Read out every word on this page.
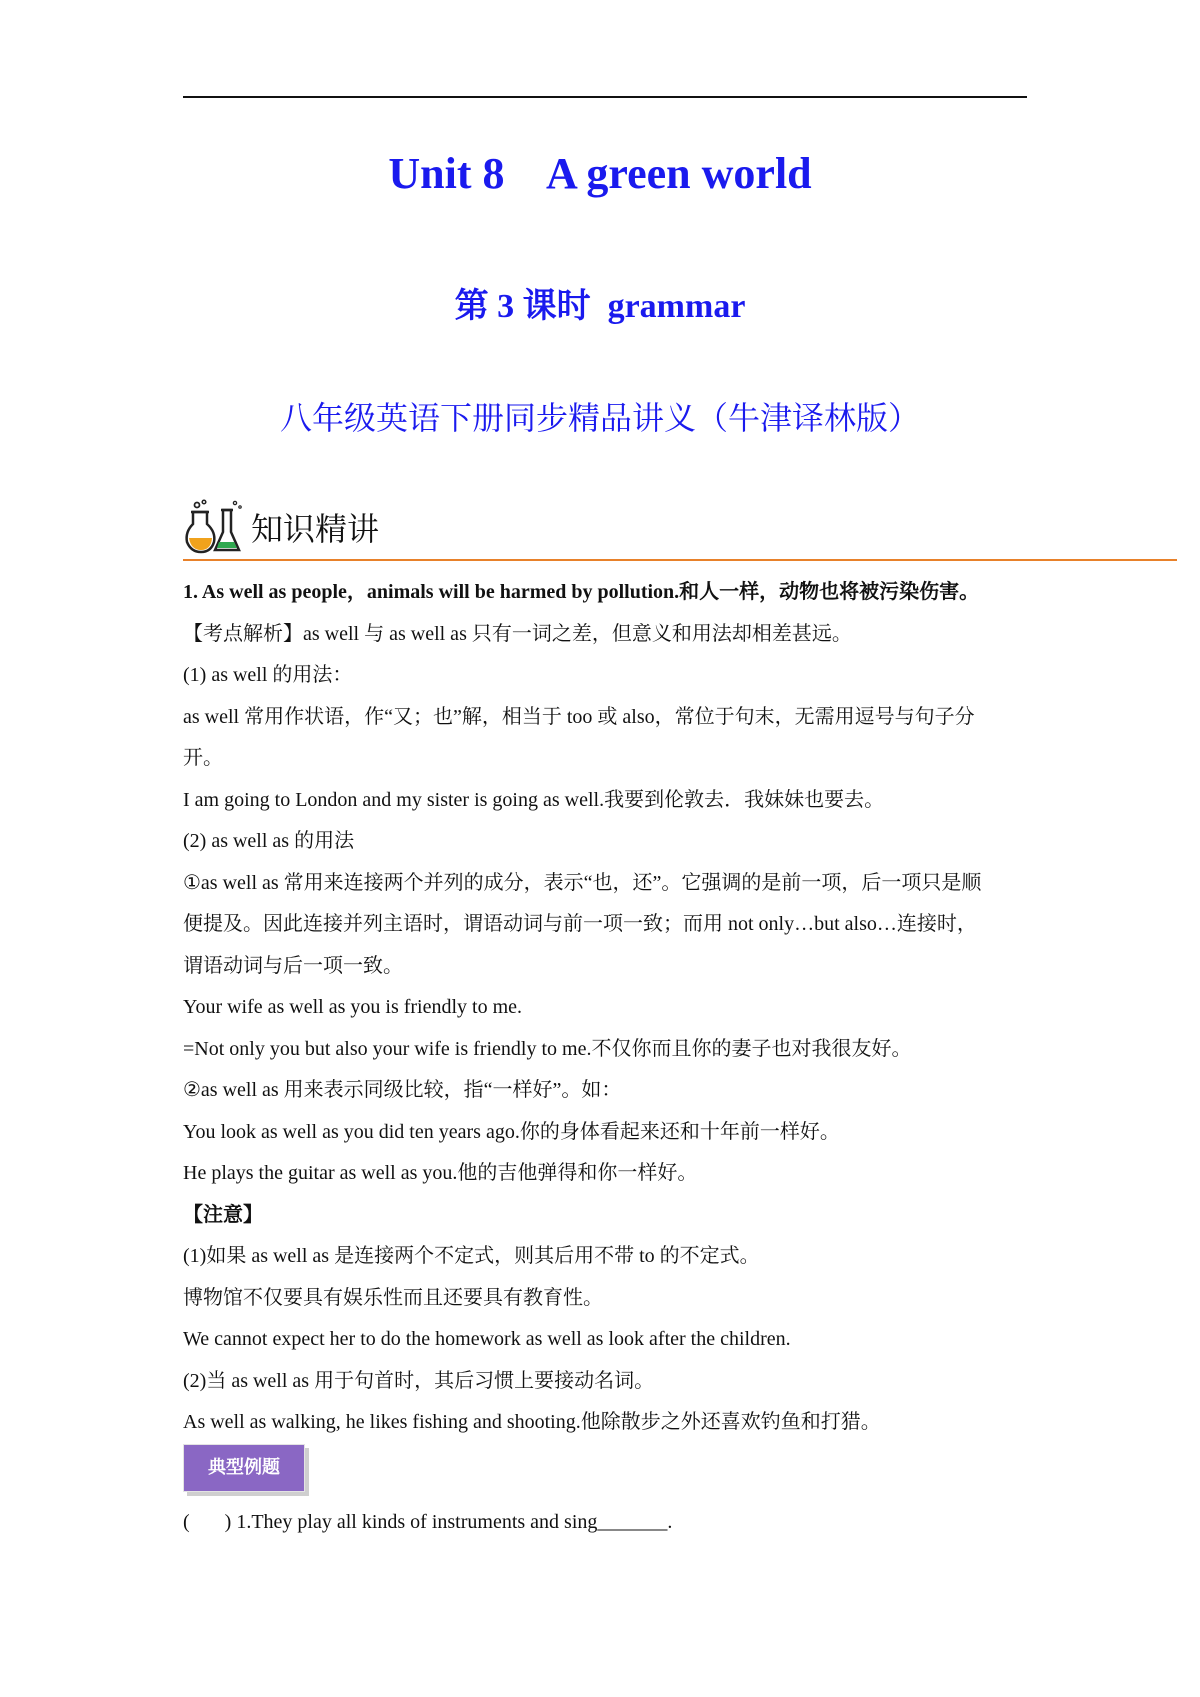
Unit 8    A green world
第 3 课时  grammar
八年级英语下册同步精品讲义（牛津译林版）
知识精讲
1. As well as people，animals will be harmed by pollution.和人一样，动物也将被污染伤害。
【考点解析】as well 与 as well as 只有一词之差，但意义和用法却相差甚远。
(1) as well 的用法：
as well 常用作状语，作“又；也”解，相当于 too 或 also，常位于句末，无需用逗号与句子分
开。
I am going to London and my sister is going as well.我要到伦敦去．我妹妹也要去。
(2) as well as 的用法
①as well as 常用来连接两个并列的成分，表示“也，还”。它强调的是前一项，后一项只是顺
便提及。因此连接并列主语时，谓语动词与前一项一致；而用 not only…but also…连接时，
谓语动词与后一项一致。
Your wife as well as you is friendly to me.
=Not only you but also your wife is friendly to me.不仅你而且你的妻子也对我很友好。
②as well as 用来表示同级比较，指“一样好”。如：
You look as well as you did ten years ago.你的身体看起来还和十年前一样好。
He plays the guitar as well as you.他的吉他弹得和你一样好。
【注意】
(1)如果 as well as 是连接两个不定式，则其后用不带 to 的不定式。
博物馆不仅要具有娱乐性而且还要具有教育性。
We cannot expect her to do the homework as well as look after the children.
(2)当 as well as 用于句首时，其后习惯上要接动名词。
As well as walking, he likes fishing and shooting.他除散步之外还喜欢钓鱼和打猎。
典型例题
(       ) 1.They play all kinds of instruments and sing_______.
